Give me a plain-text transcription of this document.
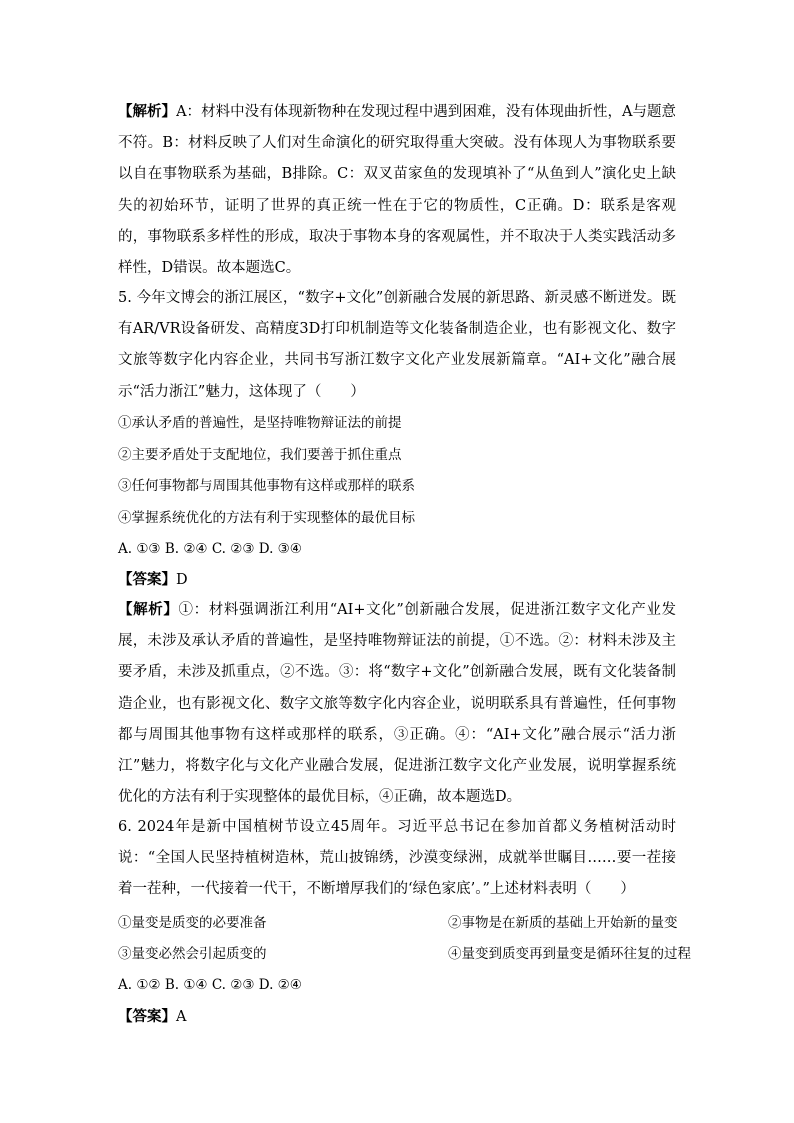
【解析】A：材料中没有体现新物种在发现过程中遇到困难，没有体现曲折性，A与题意不符。B：材料反映了人们对生命演化的研究取得重大突破。没有体现人为事物联系要以自在事物联系为基础，B排除。C：双叉苗家鱼的发现填补了“从鱼到人”演化史上缺失的初始环节，证明了世界的真正统一性在于它的物质性，C正确。D：联系是客观的，事物联系多样性的形成，取决于事物本身的客观属性，并不取决于人类实践活动多样性，D错误。故本题选C。

5. 今年文博会的浙江展区，“数字+文化”创新融合发展的新思路、新灵感不断迸发。既有AR/VR设备研发、高精度3D打印机制造等文化装备制造企业，也有影视文化、数字文旅等数字化内容企业，共同书写浙江数字文化产业发展新篇章。“AI+文化”融合展示“活力浙江”魅力，这体现了（　　）

①承认矛盾的普遍性，是坚持唯物辩证法的前提

②主要矛盾处于支配地位，我们要善于抓住重点

③任何事物都与周围其他事物有这样或那样的联系

④掌握系统优化的方法有利于实现整体的最优目标

A. ①③ B. ②④ C. ②③ D. ③④

【答案】D

【解析】①：材料强调浙江利用“AI+文化”创新融合发展，促进浙江数字文化产业发展，未涉及承认矛盾的普遍性，是坚持唯物辩证法的前提，①不选。②：材料未涉及主要矛盾，未涉及抓重点，②不选。③：将“数字+文化”创新融合发展，既有文化装备制造企业，也有影视文化、数字文旅等数字化内容企业，说明联系具有普遍性，任何事物都与周围其他事物有这样或那样的联系，③正确。④：“AI+文化”融合展示“活力浙江”魅力，将数字化与文化产业融合发展，促进浙江数字文化产业发展，说明掌握系统优化的方法有利于实现整体的最优目标，④正确，故本题选D。

6. 2024年是新中国植树节设立45周年。习近平总书记在参加首都义务植树活动时说：“全国人民坚持植树造林，荒山披锦绣，沙漠变绿洲，成就举世瞩目……要一茬接着一茬种，一代接着一代干，不断增厚我们的‘绿色家底’。”上述材料表明（　　）

①量变是质变的必要准备	②事物是在新质的基础上开始新的量变

③量变必然会引起质变的	④量变到质变再到量变是循环往复的过程

A. ①② B. ①④ C. ②③ D. ②④

【答案】A
